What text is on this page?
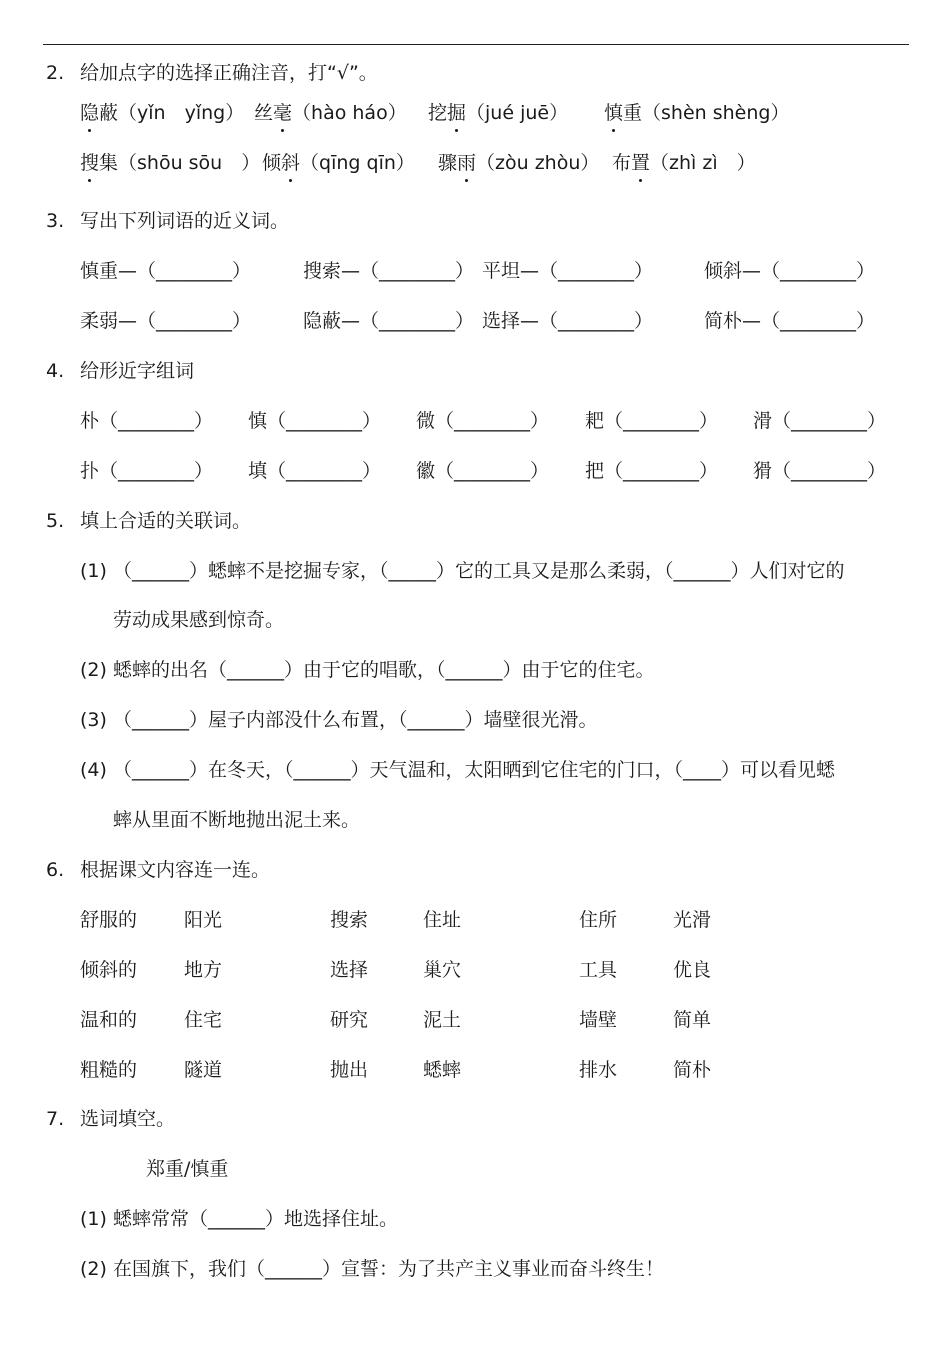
2. 给加点字的选择正确注音，打“√”。
隐蔽（yǐn　yǐng） 丝毫（hào háo） 挖掘（jué juē） 慎重（shèn shèng）
搜集（shōu sōu　） 倾斜（qīng qīn） 骤雨（zòu zhòu） 布置（zhì zì　）
3. 写出下列词语的近义词。
慎重—（________）	搜索—（________） 平坦—（________）	倾斜—（________）
柔弱—（________）	隐蔽—（________） 选择—（________）	简朴—（________）
4. 给形近字组词
朴（________） 慎（________） 微（________） 耙（________） 滑（________）
扑（________） 填（________） 徽（________） 把（________） 猾（________）
5. 填上合适的关联词。
(1) （______）蟋蟀不是挖掘专家，（_____）它的工具又是那么柔弱，（______）人们对它的
劳动成果感到惊奇。
(2) 蟋蟀的出名（______）由于它的唱歌，（______）由于它的住宅。
(3) （______）屋子内部没什么布置，（______）墙壁很光滑。
(4) （______）在冬天，（______）天气温和，太阳晒到它住宅的门口，（____）可以看见蟋
蟀从里面不断地抛出泥土来。
6. 根据课文内容连一连。
舒服的 阳光	搜索	住址	住所	光滑
倾斜的 地方	选择	巢穴	工具	优良
温和的 住宅	研究	泥土	墙壁	简单
粗糙的 隧道	抛出	蟋蟀	排水	简朴
7. 选词填空。
郑重/慎重
(1) 蟋蟀常常（______）地选择住址。
(2) 在国旗下，我们（______）宣誓：为了共产主义事业而奋斗终生！
